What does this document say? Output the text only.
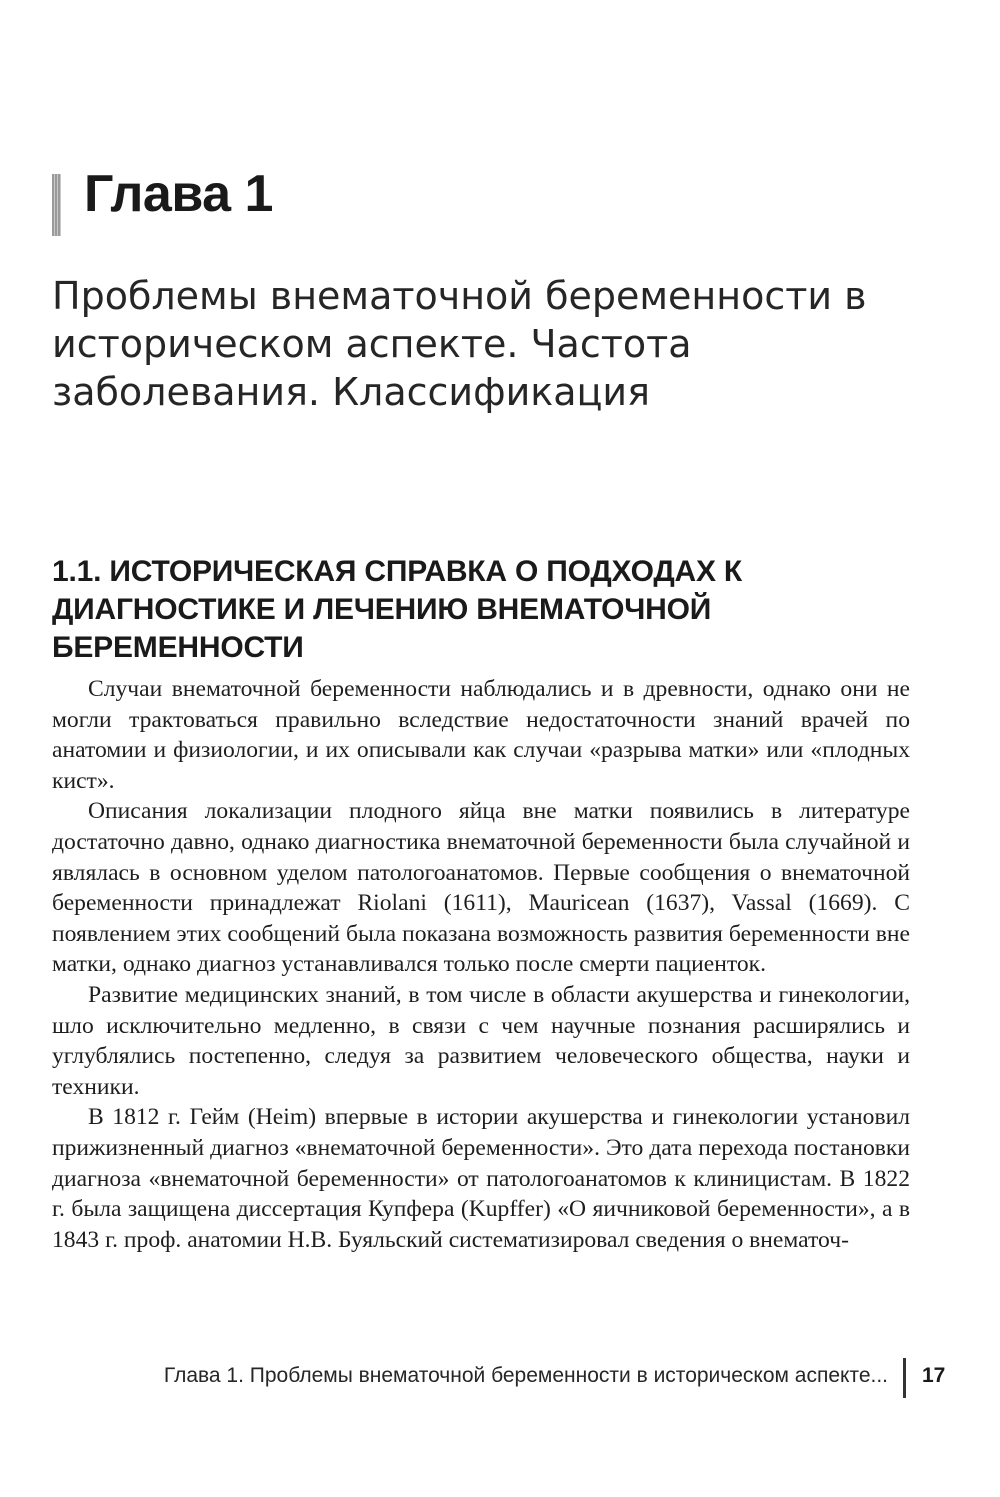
Глава 1
Проблемы внематочной беременности в историческом аспекте. Частота заболевания. Классификация
1.1. ИСТОРИЧЕСКАЯ СПРАВКА О ПОДХОДАХ К ДИАГНОСТИКЕ И ЛЕЧЕНИЮ ВНЕМАТОЧНОЙ БЕРЕМЕННОСТИ

Случаи внематочной беременности наблюдались и в древности, однако они не могли трактоваться правильно вследствие недостаточности знаний врачей по анатомии и физиологии, и их описывали как случаи «разрыва матки» или «плодных кист».

Описания локализации плодного яйца вне матки появились в литературе достаточно давно, однако диагностика внематочной беременности была случайной и являлась в основном уделом патологоанатомов. Первые сообщения о внематочной беременности принадлежат Riolani (1611), Mauricean (1637), Vassal (1669). С появлением этих сообщений была показана возможность развития беременности вне матки, однако диагноз устанавливался только после смерти пациенток.

Развитие медицинских знаний, в том числе в области акушерства и гинекологии, шло исключительно медленно, в связи с чем научные познания расширялись и углублялись постепенно, следуя за развитием человеческого общества, науки и техники.

В 1812 г. Гейм (Heim) впервые в истории акушерства и гинекологии установил прижизненный диагноз «внематочной беременности». Это дата перехода постановки диагноза «внематочной беременности» от патологоанатомов к клиницистам. В 1822 г. была защищена диссертация Купфера (Kupffer) «О яичниковой беременности», а в 1843 г. проф. анатомии Н.В. Буяльский систематизировал сведения о внематоч-

Глава 1. Проблемы внематочной беременности в историческом аспекте... 17
